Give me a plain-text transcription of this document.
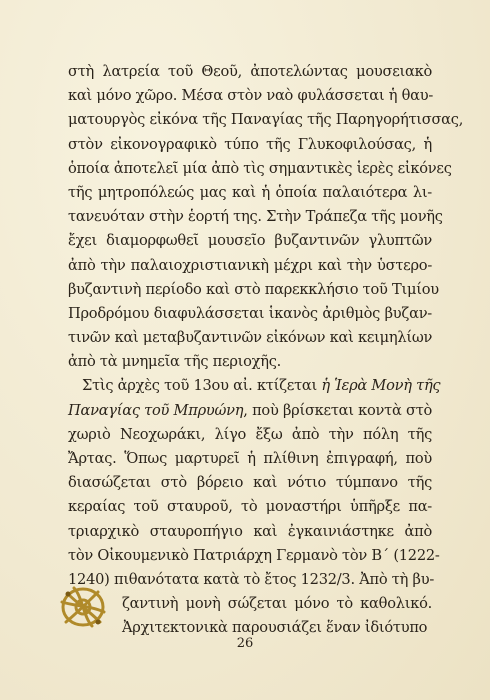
στὴ λατρεία τοῦ Θεοῦ, ἀποτελώντας μουσειακὸ
καὶ μόνο χῶρο. Μέσα στὸν ναὸ φυλάσσεται ἡ θαυ-
ματουργὸς εἰκόνα τῆς Παναγίας τῆς Παρηγορήτισσας,
στὸν εἰκονογραφικὸ τύπο τῆς Γλυκοφιλούσας, ἡ
ὁποία ἀποτελεῖ μία ἀπὸ τὶς σημαντικὲς ἱερὲς εἰκόνες
τῆς μητροπόλεώς μας καὶ ἡ ὁποία παλαιότερα λι-
τανευόταν στὴν ἑορτή της. Στὴν Τράπεζα τῆς μονῆς
ἔχει διαμορφωθεῖ μουσεῖο βυζαντινῶν γλυπτῶν
ἀπὸ τὴν παλαιοχριστιανικὴ μέχρι καὶ τὴν ὑστερο-
βυζαντινὴ περίοδο καὶ στὸ παρεκκλήσιο τοῦ Τιμίου
Προδρόμου διαφυλάσσεται ἱκανὸς ἀριθμὸς βυζαν-
τινῶν καὶ μεταβυζαντινῶν εἰκόνων καὶ κειμηλίων
ἀπὸ τὰ μνημεῖα τῆς περιοχῆς.
Στὶς ἀρχὲς τοῦ 13ου αἰ. κτίζεται ἡ Ἱερὰ Μονὴ τῆς
Παναγίας τοῦ Μπρυώνη, ποὺ βρίσκεται κοντὰ στὸ
χωριὸ Νεοχωράκι, λίγο ἔξω ἀπὸ τὴν πόλη τῆς
Ἄρτας. Ὅπως μαρτυρεῖ ἡ πλίθινη ἐπιγραφή, ποὺ
διασώζεται στὸ βόρειο καὶ νότιο τύμπανο τῆς
κεραίας τοῦ σταυροῦ, τὸ μοναστήρι ὑπῆρξε πα-
τριαρχικὸ σταυροπήγιο καὶ ἐγκαινιάστηκε ἀπὸ
τὸν Οἰκουμενικὸ Πατριάρχη Γερμανὸ τὸν Β΄ (1222-
1240) πιθανότατα κατὰ τὸ ἔτος 1232/3. Ἀπὸ τὴ βυ-
ζαντινὴ μονὴ σώζεται μόνο τὸ καθολικό.
Ἀρχιτεκτονικὰ παρουσιάζει ἕναν ἰδιότυπο
26
